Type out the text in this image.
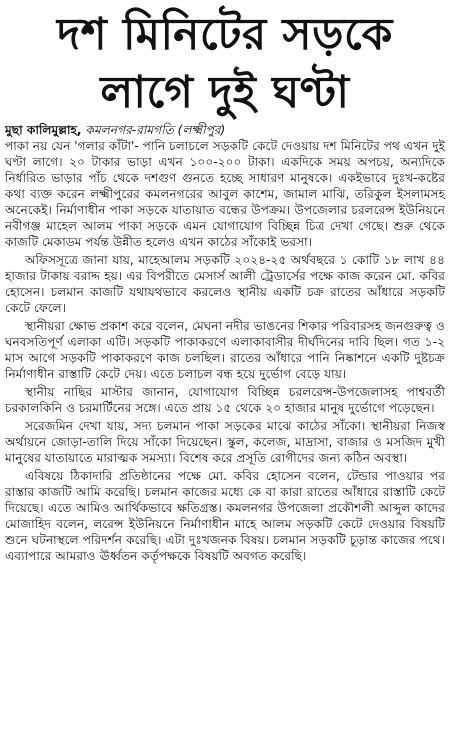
দশ মিনিটের সড়কে
লাগে দুই ঘণ্টা

মুছা কালিমুল্লাহ, কমলনগর-রামগতি (লক্ষ্মীপুর)
পাকা নয় যেন 'গলার কাঁটা'- পানি চলাচলে সড়কটি কেটে দেওয়ায় দশ মিনিটের পথ এখন দুই ঘণ্টা লাগে। ২০ টাকার ভাড়া এখন ১০০-২০০ টাকা। একদিকে সময় অপচয়, অন্যদিকে নির্ধারিত ভাড়ার পাঁচ থেকে দশগুণ গুনতে হচ্ছে সাধারণ মানুষকে। একইভাবে দুঃখ-কষ্টের কথা ব্যক্ত করেন লক্ষ্মীপুরের কমলনগরের আবুল কাশেম, জামাল মাঝি, তরিকুল ইসলামসহ অনেকেই। নির্মাণাধীন পাকা সড়কে যাতায়াত বন্ধের উপক্রম। উপজেলার চরলরেন্স ইউনিয়নে নবীগঞ্জ মাহেল আলম পাকা সড়কে এমন যোগাযোগ বিচ্ছিন্ন চিত্র দেখা গেছে। শুরু থেকে কাজটি মেকাডম পর্যন্ত উন্নীত হলেও এখন কাঠের সাঁকোই ভরসা।

অফিসসূত্রে জানা যায়, মাহেআলম সড়কটি ২০২৪-২৫ অর্থবছরে ১ কোটি ১৮ লাখ ৪৪ হাজার টাকায় বরাদ্দ হয়। এর বিপরীতে মেসার্স আলী ট্রেডার্সের পক্ষে কাজ করেন মো. কবির হোসেন। চলমান কাজটি যথাযথভাবে করলেও স্থানীয় একটি চক্র রাতের আঁধারে সড়কটি কেটে ফেলে।

স্থানীয়রা ক্ষোভ প্রকাশ করে বলেন, মেঘনা নদীর ভাঙনের শিকার পরিবারসহ জনগুরুত্ব ও ঘনবসতিপূর্ণ এলাকা এটি। সড়কটি পাকাকরণে এলাকাবাসীর দীর্ঘদিনের দাবি ছিল। গত ১-২ মাস আগে সড়কটি পাকাকরণে কাজ চলছিল। রাতের আঁধারে পানি নিষ্কাশনে একটি দুষ্টচক্র নির্মাণাধীন রাস্তাটি কেটে দেয়। এতে চলাচল বন্ধ হয়ে দুর্ভোগ বেড়ে যায়।

স্থানীয় নাছির মাস্টার জানান, যোগাযোগ বিচ্ছিন্ন চরলরেন্স-উপজেলাসহ পাশ্ববর্তী চরকালকিনি ও চরমার্টিনের সঙ্গে। এতে প্রায় ১৫ থেকে ২০ হাজার মানুষ দুর্ভোগে পড়েছেন।

সরেজমিন দেখা যায়, সদ্য চলমান পাকা সড়কের মাঝে কাঠের সাঁকো। স্থানীয়রা নিজস্ব অর্থায়নে জোড়া-তালি দিয়ে সাঁকো দিয়েছেন। স্কুল, কলেজ, মাদ্রাসা, বাজার ও মসজিদ মুখী মানুষের যাতায়াতে মারাত্মক সমস্যা। বিশেষ করে প্রসূতি রোগীদের জন্য কঠিন অবস্থা।

এবিষয়ে ঠিকাদারি প্রতিষ্ঠানের পক্ষে মো. কবির হোসেন বলেন, টেন্ডার পাওয়ার পর রাস্তার কাজটি আমি করেছি। চলমান কাজের মধ্যে কে বা কারা রাতের আঁধারে রাস্তাটি কেটে দিয়েছে। এতে আমিও আর্থিকভাবে ক্ষতিগ্রস্ত। কমলনগর উপজেলা প্রকৌশলী আব্দুল কাদের মোজাহিদ বলেন, লরেন্স ইউনিয়নে নির্মাণাধীন মাহে আলম সড়কটি কেটে দেওয়ার বিষয়টি শুনে ঘটনাস্থলে পরিদর্শন করেছি। এটা দুঃখজনক বিষয়। চলমান সড়কটি চূড়ান্ত কাজের পথে। এব্যাপারে আমরাও ঊর্ধ্বতন কর্তৃপক্ষকে বিষয়টি অবগত করেছি।
